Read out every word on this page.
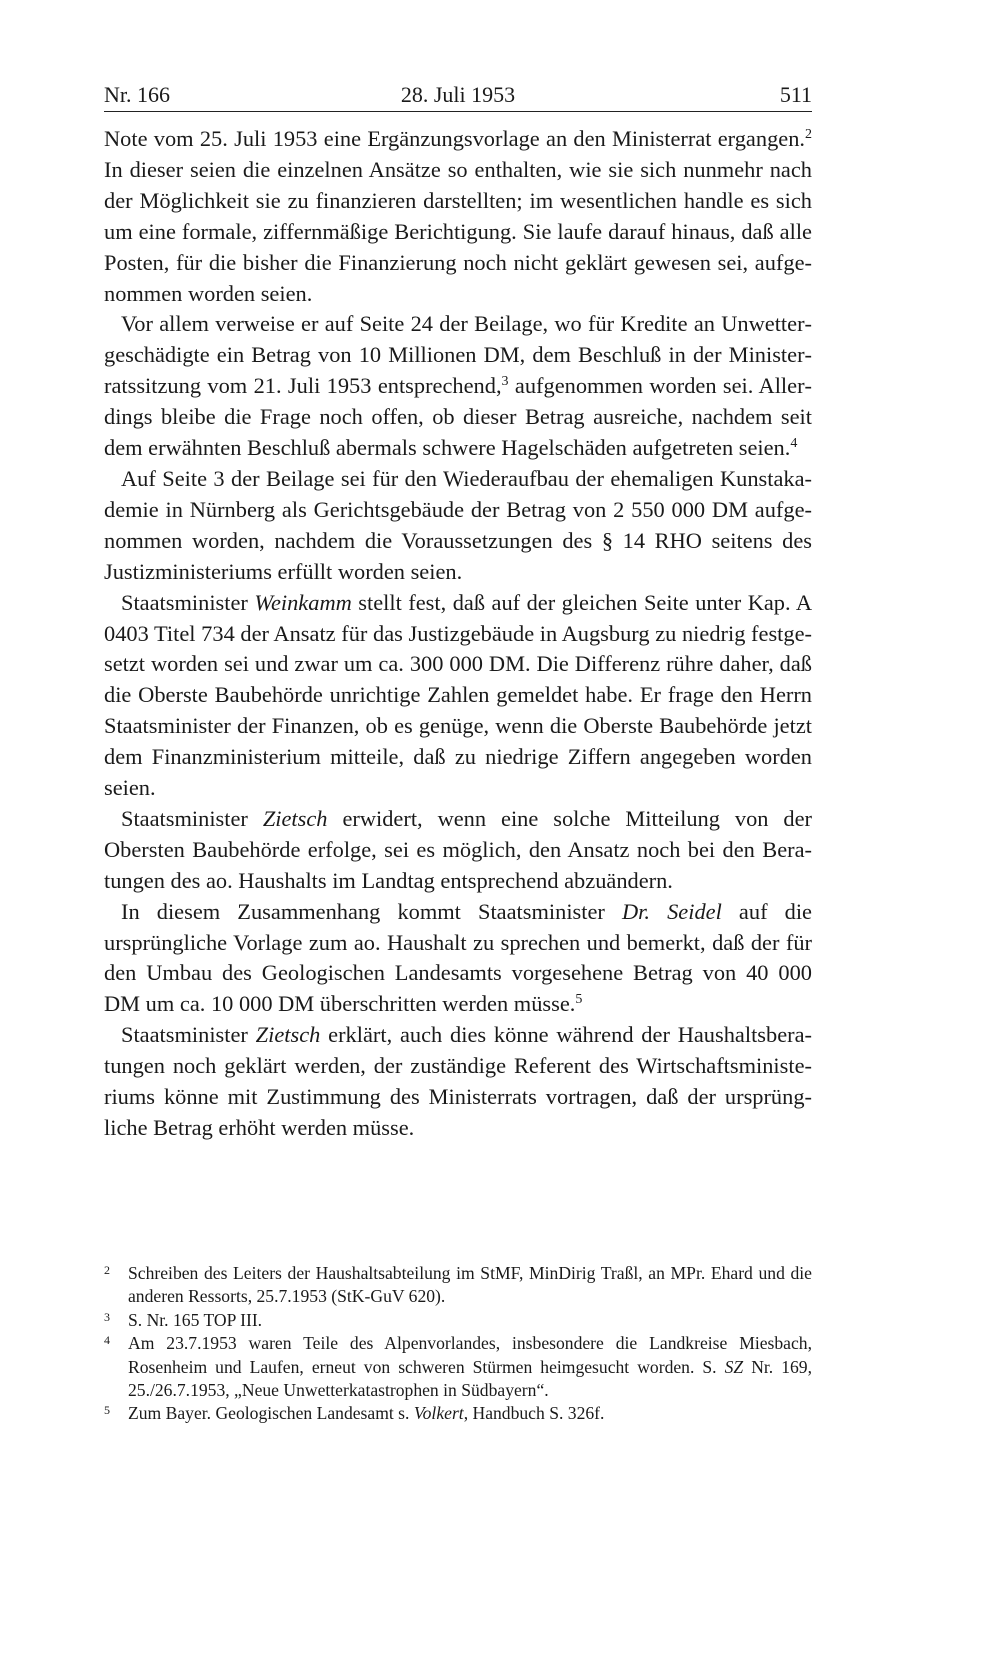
Nr. 166	28. Juli 1953	511

Note vom 25. Juli 1953 eine Ergänzungsvorlage an den Ministerrat ergangen.$^2$ In dieser seien die einzelnen Ansätze so enthalten, wie sie sich nunmehr nach der Möglichkeit sie zu finanzieren darstellten; im wesentlichen handle es sich um eine formale, ziffernmäßige Berichtigung. Sie laufe darauf hinaus, daß alle Posten, für die bisher die Finanzierung noch nicht geklärt gewesen sei, aufgenommen worden seien.

Vor allem verweise er auf Seite 24 der Beilage, wo für Kredite an Unwettergeschädigte ein Betrag von 10 Millionen DM, dem Beschluß in der Ministerratssitzung vom 21. Juli 1953 entsprechend,$^3$ aufgenommen worden sei. Allerdings bleibe die Frage noch offen, ob dieser Betrag ausreiche, nachdem seit dem erwähnten Beschluß abermals schwere Hagelschäden aufgetreten seien.$^4$

Auf Seite 3 der Beilage sei für den Wiederaufbau der ehemaligen Kunstakademie in Nürnberg als Gerichtsgebäude der Betrag von 2 550 000 DM aufgenommen worden, nachdem die Voraussetzungen des § 14 RHO seitens des Justizministeriums erfüllt worden seien.

Staatsminister Weinkamm stellt fest, daß auf der gleichen Seite unter Kap. A 0403 Titel 734 der Ansatz für das Justizgebäude in Augsburg zu niedrig festgesetzt worden sei und zwar um ca. 300 000 DM. Die Differenz rühre daher, daß die Oberste Baubehörde unrichtige Zahlen gemeldet habe. Er frage den Herrn Staatsminister der Finanzen, ob es genüge, wenn die Oberste Baubehörde jetzt dem Finanzministerium mitteile, daß zu niedrige Ziffern angegeben worden seien.

Staatsminister Zietsch erwidert, wenn eine solche Mitteilung von der Obersten Baubehörde erfolge, sei es möglich, den Ansatz noch bei den Beratungen des ao. Haushalts im Landtag entsprechend abzuändern.

In diesem Zusammenhang kommt Staatsminister Dr. Seidel auf die ursprüngliche Vorlage zum ao. Haushalt zu sprechen und bemerkt, daß der für den Umbau des Geologischen Landesamts vorgesehene Betrag von 40 000 DM um ca. 10 000 DM überschritten werden müsse.$^5$

Staatsminister Zietsch erklärt, auch dies könne während der Haushaltsberatungen noch geklärt werden, der zuständige Referent des Wirtschaftsministeriums könne mit Zustimmung des Ministerrats vortragen, daß der ursprüngliche Betrag erhöht werden müsse.

2 Schreiben des Leiters der Haushaltsabteilung im StMF, MinDirig Traßl, an MPr. Ehard und die anderen Ressorts, 25.7.1953 (StK-GuV 620).
3 S. Nr. 165 TOP III.
4 Am 23.7.1953 waren Teile des Alpenvorlandes, insbesondere die Landkreise Miesbach, Rosenheim und Laufen, erneut von schweren Stürmen heimgesucht worden. S. SZ Nr. 169, 25./26.7.1953, „Neue Unwetterkatastrophen in Südbayern“.
5 Zum Bayer. Geologischen Landesamt s. Volkert, Handbuch S. 326f.
